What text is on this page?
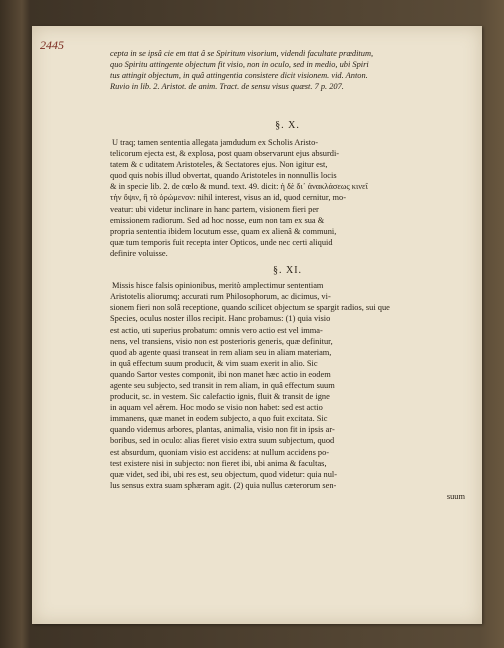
2445
cepta in se ipsâ cie em ttat â se Spiritum visorium, videndi facultate præditum,
quo Spiritu attingente objectum fit visio, non in oculo, sed in medio, ubi Spiri
tus attingit objectum, in quâ attingentia consistere dicit visionem. vid. Anton.
Ruvio in lib. 2. Aristot. de anim. Tract. de sensu visus quæst. 7 p. 207.
§. X.
U traq; tamen sententia allegata jamdudum ex Scholis Aristo-
telicorum ejecta est, & explosa, post quam observarunt ejus absurdi-
tatem & c uditatem Aristoteles, & Sectatores ejus. Non igitur est,
quod quis nobis illud obvertat, quando Aristoteles in nonnullis locis
& in specie lib. 2. de cœlo & mund. text. 49. dicit: ἡ δὲ δι᾽ ἀνακλάσεως κινεῖ
τὴν ὄψιν, ἢ τὸ ὁρώμενον: nihil interest, visus an id, quod cernitur, mo-
veatur: ubi videtur inclinare in hanc partem, visionem fieri per
emissionem radiorum. Sed ad hoc nosse, eum non tam ex sua &
propria sententia ibidem locutum esse, quam ex alienâ & communi,
quæ tum temporis fuit recepta inter Opticos, unde nec certi aliquid
definire voluisse.
§. XI.
Missis hisce falsis opinionibus, meritò amplectimur sententiam
Aristotelis aliorumq; accurati rum Philosophorum, ac dicimus, vi-
sionem fieri non solâ receptione, quando scilicet objectum se spargit radios, sui que
Species, oculus noster illos recipit. Hanc probamus: (1) quia visio
est actio, uti superius probatum: omnis vero actio est vel imma-
nens, vel transiens, visio non est posterioris generis, quæ definitur,
quod ab agente quasi transeat in rem aliam seu in aliam materiam,
in quâ effectum suum producit, & vim suam exerit in alio. Sic
quando Sartor vestes componit, ibi non manet hæc actio in eodem
agente seu subjecto, sed transit in rem aliam, in quâ effectum suum
producit, sc. in vestem. Sic calefactio ignis, fluit & transit de igne
in aquam vel aërem. Hoc modo se visio non habet: sed est actio
immanens, quæ manet in eodem subjecto, a quo fuit excitata. Sic
quando videmus arbores, plantas, animalia, visio non fit in ipsis ar-
boribus, sed in oculo: alias fieret visio extra suum subjectum, quod
est absurdum, quoniam visio est accidens: at nullum accidens po-
test existere nisi in subjecto: non fieret ibi, ubi anima & facultas,
quæ videt, sed ibi, ubi res est, seu objectum, quod videtur: quia nul-
lus sensus extra suam sphæram agit. (2) quia nullus cæterorum sen-
suum
